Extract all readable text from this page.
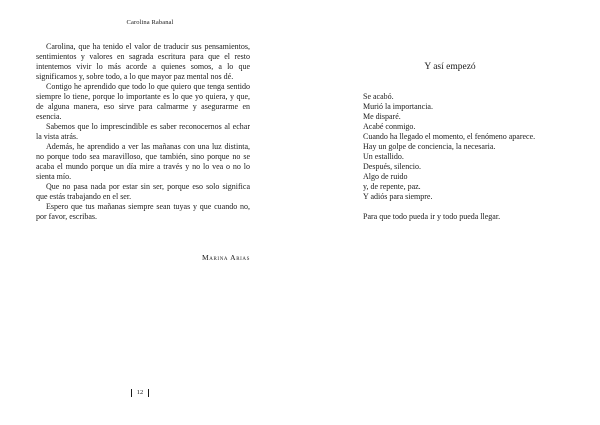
Carolina Rabanal

Carolina, que ha tenido el valor de traducir sus pensamientos, sentimientos y valores en sagrada escritura para que el resto intentemos vivir lo más acorde a quienes somos, a lo que significamos y, sobre todo, a lo que mayor paz mental nos dé.

Contigo he aprendido que todo lo que quiero que tenga sentido siempre lo tiene, porque lo importante es lo que yo quiera, y que, de alguna manera, eso sirve para calmarme y asegurarme en esencia.

Sabemos que lo imprescindible es saber reconocernos al echar la vista atrás.

Además, he aprendido a ver las mañanas con una luz distinta, no porque todo sea maravilloso, que también, sino porque no se acaba el mundo porque un día mire a través y no lo vea o no lo sienta mío.

Que no pasa nada por estar sin ser, porque eso solo significa que estás trabajando en el ser.

Espero que tus mañanas siempre sean tuyas y que cuando no, por favor, escribas.

Marina Arias
12
Y así empezó
Se acabó.
Murió la importancia.
Me disparé.
Acabé conmigo.
Cuando ha llegado el momento, el fenómeno aparece.
Hay un golpe de conciencia, la necesaria.
Un estallido.
Después, silencio.
Algo de ruido
y, de repente, paz.
Y adiós para siempre.
Para que todo pueda ir y todo pueda llegar.
